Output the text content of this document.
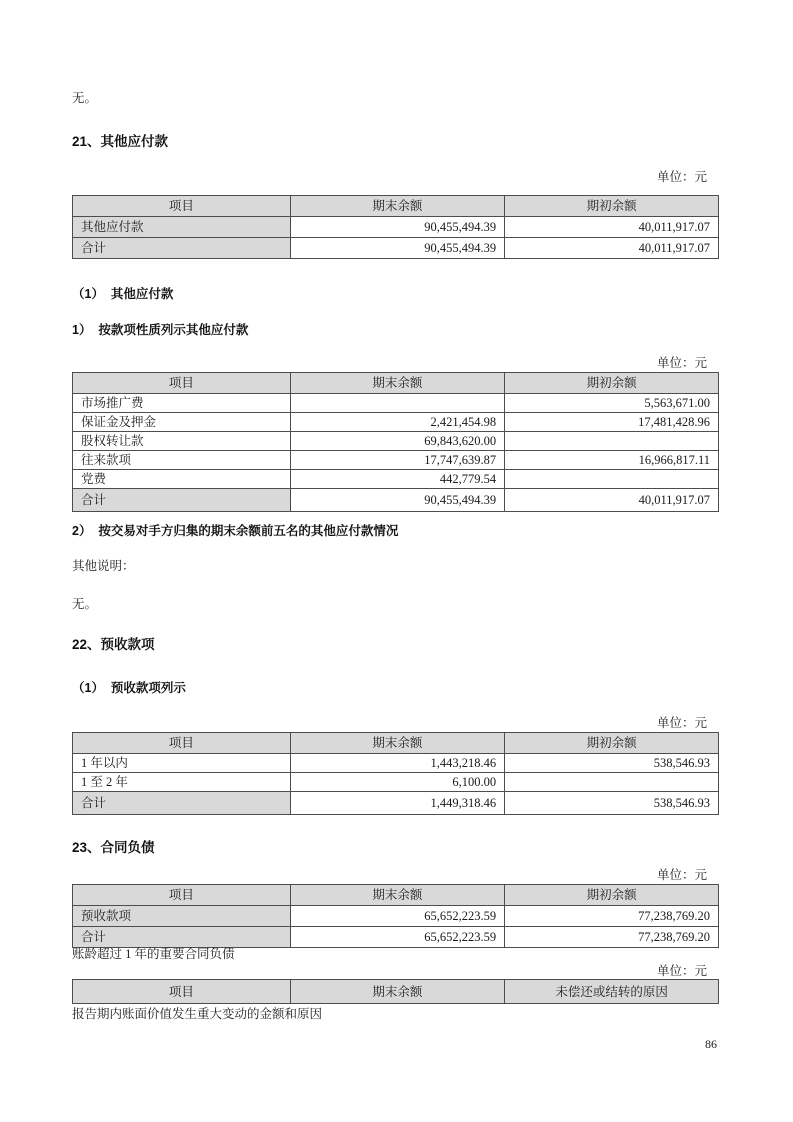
无。
21、其他应付款
单位：元
项目	期末余额	期初余额
其他应付款	90,455,494.39	40,011,917.07
合计	90,455,494.39	40,011,917.07
（1）  其他应付款
1）  按款项性质列示其他应付款
单位：元
项目	期末余额	期初余额
市场推广费		5,563,671.00
保证金及押金	2,421,454.98	17,481,428.96
股权转让款	69,843,620.00	
往来款项	17,747,639.87	16,966,817.11
党费	442,779.54	
合计	90,455,494.39	40,011,917.07
2）  按交易对手方归集的期末余额前五名的其他应付款情况
其他说明：
无。
22、预收款项
（1）  预收款项列示
单位：元
项目	期末余额	期初余额
1 年以内	1,443,218.46	538,546.93
1 至 2 年	6,100.00	
合计	1,449,318.46	538,546.93
23、合同负债
单位：元
项目	期末余额	期初余额
预收款项	65,652,223.59	77,238,769.20
合计	65,652,223.59	77,238,769.20
账龄超过 1 年的重要合同负债
单位：元
项目	期末余额	未偿还或结转的原因
报告期内账面价值发生重大变动的金额和原因
86
